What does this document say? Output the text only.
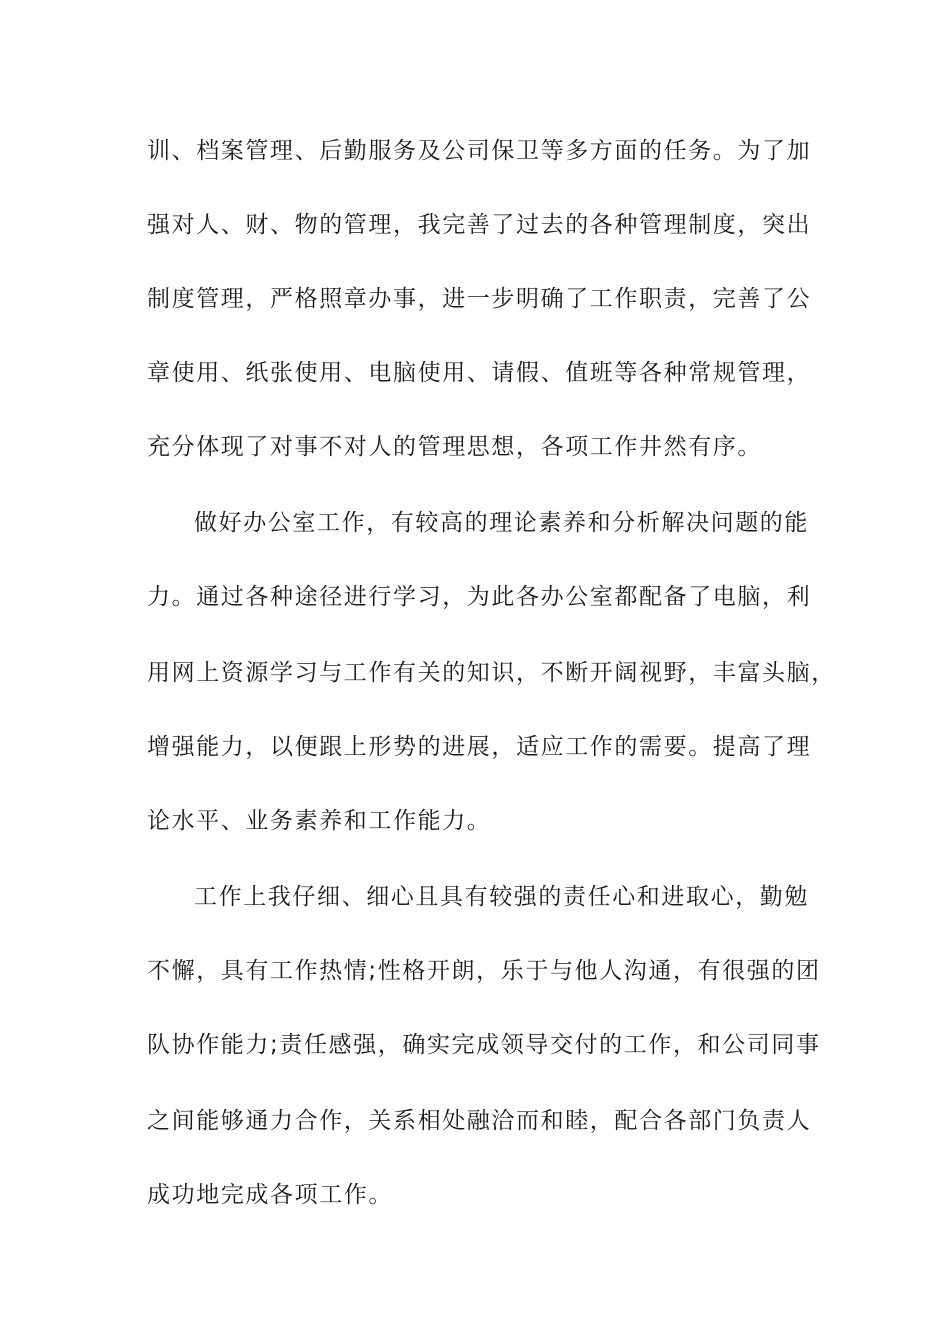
训、档案管理、后勤服务及公司保卫等多方面的任务。为了加

强对人、财、物的管理，我完善了过去的各种管理制度，突出

制度管理，严格照章办事，进一步明确了工作职责，完善了公

章使用、纸张使用、电脑使用、请假、值班等各种常规管理，

充分体现了对事不对人的管理思想，各项工作井然有序。

做好办公室工作，有较高的理论素养和分析解决问题的能

力。通过各种途径进行学习，为此各办公室都配备了电脑，利

用网上资源学习与工作有关的知识，不断开阔视野，丰富头脑，

增强能力，以便跟上形势的进展，适应工作的需要。提高了理

论水平、业务素养和工作能力。

工作上我仔细、细心且具有较强的责任心和进取心，勤勉

不懈，具有工作热情;性格开朗，乐于与他人沟通，有很强的团

队协作能力;责任感强，确实完成领导交付的工作，和公司同事

之间能够通力合作，关系相处融洽而和睦，配合各部门负责人

成功地完成各项工作。
